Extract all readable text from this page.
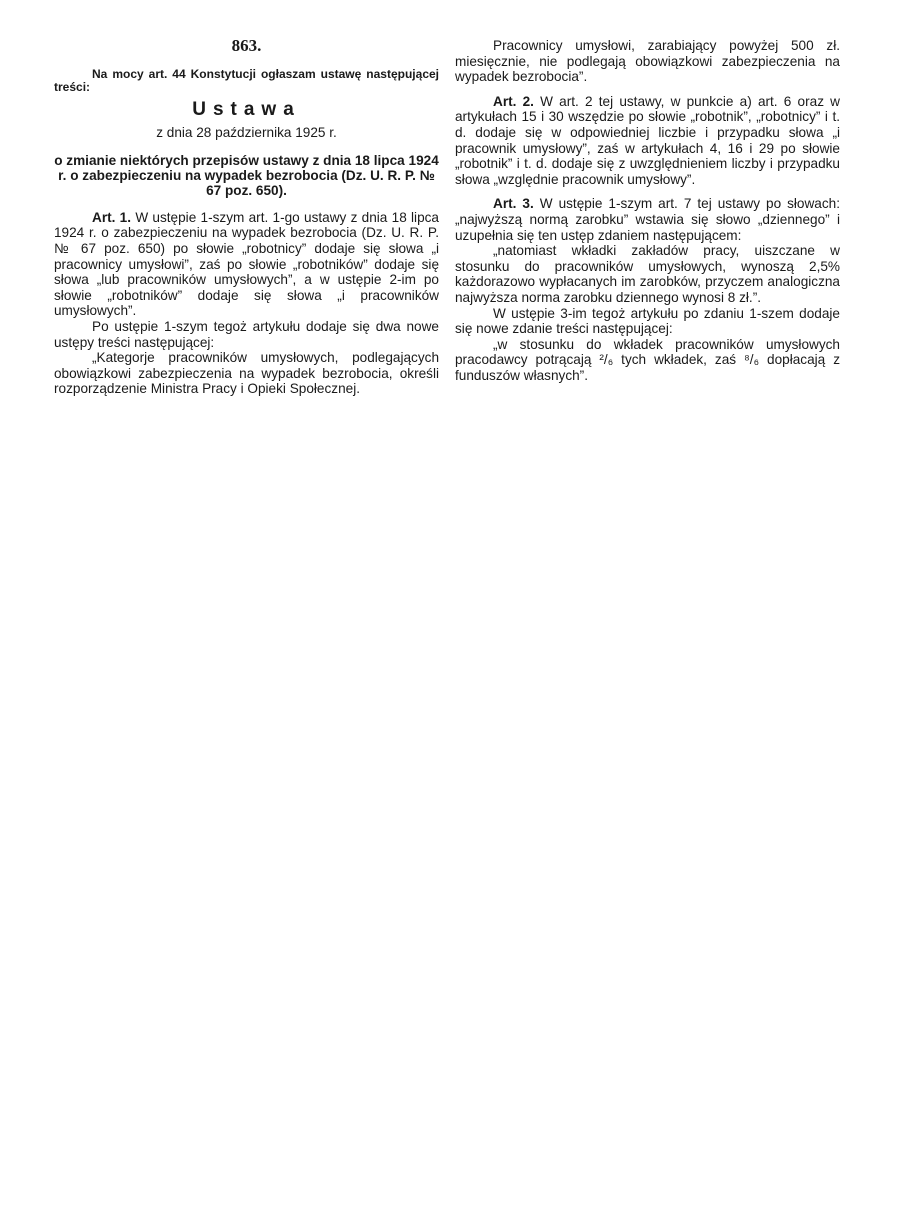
863.

Na mocy art. 44 Konstytucji ogłaszam ustawę następującej treści:

Ustawa
z dnia 28 października 1925 r.
o zmianie niektórych przepisów ustawy z dnia 18 lipca 1924 r. o zabezpieczeniu na wypadek bezrobocia (Dz. U. R. P. № 67 poz. 650).

Art. 1. W ustępie 1-szym art. 1-go ustawy z dnia 18 lipca 1924 r. o zabezpieczeniu na wypadek bezrobocia (Dz. U. R. P. № 67 poz. 650) po słowie „robotnicy” dodaje się słowa „i pracownicy umysłowi”, zaś po słowie „robotników” dodaje się słowa „lub pracowników umysłowych”, a w ustępie 2-im po słowie „robotników” dodaje się słowa „i pracowników umysłowych”.

Po ustępie 1-szym tegoż artykułu dodaje się dwa nowe ustępy treści następującej:

„Kategorje pracowników umysłowych, podlegających obowiązkowi zabezpieczenia na wypadek bezrobocia, określi rozporządzenie Ministra Pracy i Opieki Społecznej.

Pracownicy umysłowi, zarabiający powyżej 500 zł. miesięcznie, nie podlegają obowiązkowi zabezpieczenia na wypadek bezrobocia”.

Art. 2. W art. 2 tej ustawy, w punkcie a) art. 6 oraz w artykułach 15 i 30 wszędzie po słowie „robotnik”, „robotnicy” i t. d. dodaje się w odpowiedniej liczbie i przypadku słowa „i pracownik umysłowy”, zaś w artykułach 4, 16 i 29 po słowie „robotnik” i t. d. dodaje się z uwzględnieniem liczby i przypadku słowa „względnie pracownik umysłowy”.

Art. 3. W ustępie 1-szym art. 7 tej ustawy po słowach: „najwyższą normą zarobku” wstawia się słowo „dziennego” i uzupełnia się ten ustęp zdaniem następującem:

„natomiast wkładki zakładów pracy, uiszczane w stosunku do pracowników umysłowych, wynoszą 2,5% każdorazowo wypłacanych im zarobków, przyczem analogiczna najwyższa norma zarobku dziennego wynosi 8 zł.”.

W ustępie 3-im tegoż artykułu po zdaniu 1-szem dodaje się nowe zdanie treści następującej:

„w stosunku do wkładek pracowników umysłowych pracodawcy potrącają ²/₆ tych wkładek, zaś ⁸/₆ dopłacają z funduszów własnych”.
